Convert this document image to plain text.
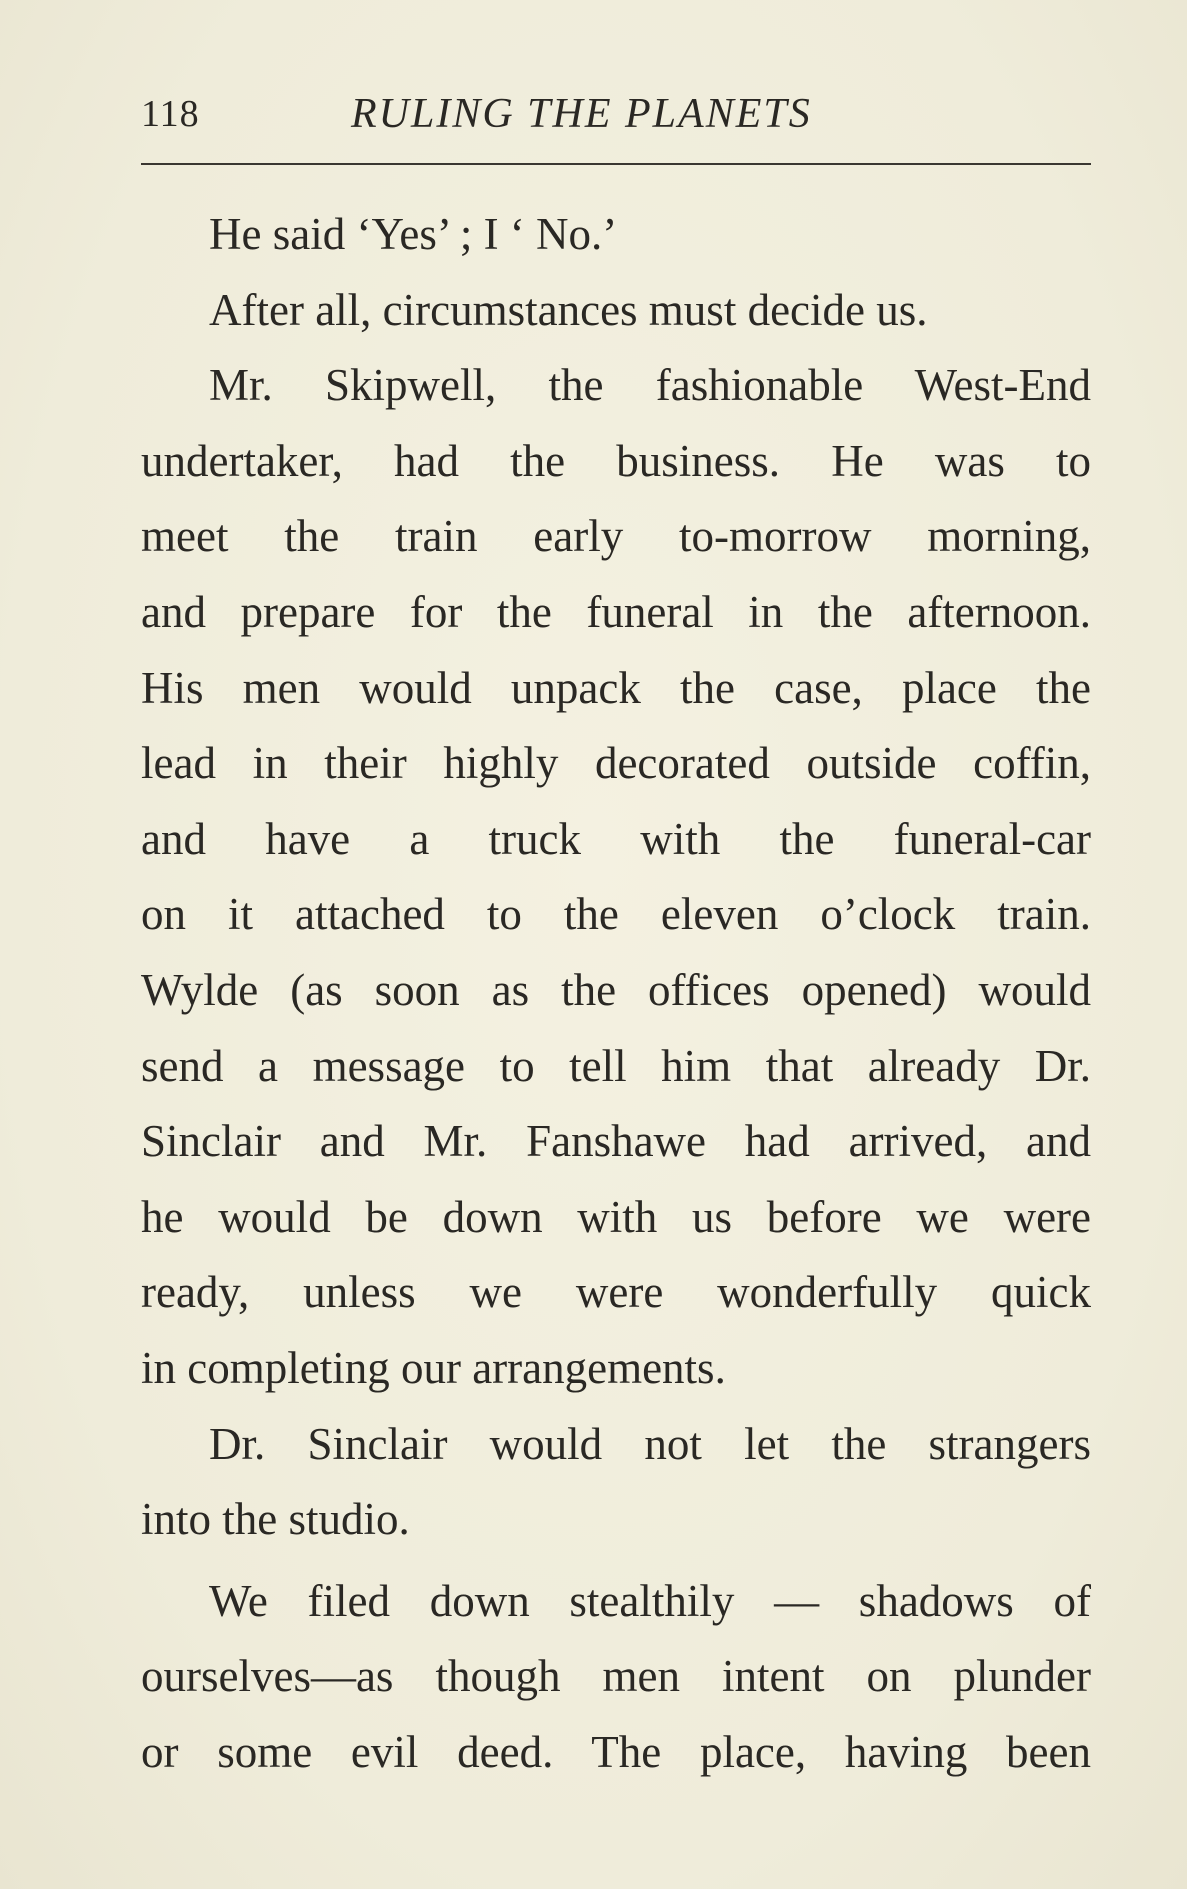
118	RULING THE PLANETS
He said ‘Yes’ ; I ‘ No.’
After all, circumstances must decide us.
Mr. Skipwell, the fashionable West-End
undertaker, had the business. He was to
meet the train early to-morrow morning,
and prepare for the funeral in the afternoon.
His men would unpack the case, place the
lead in their highly decorated outside coffin,
and have a truck with the funeral-car
on it attached to the eleven o’clock train.
Wylde (as soon as the offices opened) would
send a message to tell him that already Dr.
Sinclair and Mr. Fanshawe had arrived, and
he would be down with us before we were
ready, unless we were wonderfully quick
in completing our arrangements.
Dr. Sinclair would not let the strangers
into the studio.
We filed down stealthily — shadows of
ourselves—as though men intent on plunder
or some evil deed. The place, having been
